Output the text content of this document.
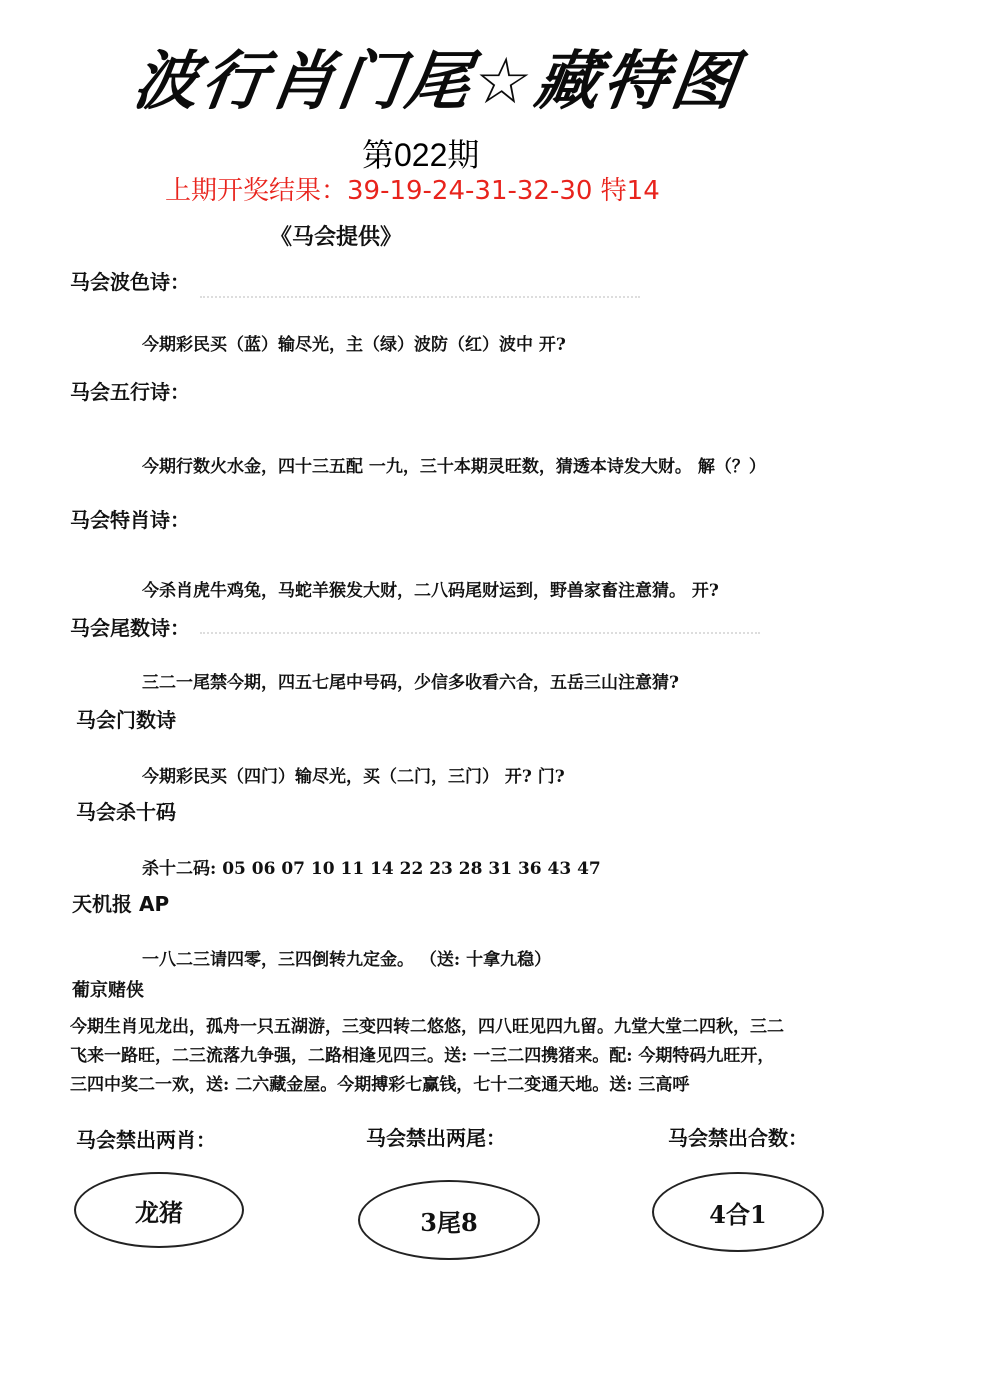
波行肖门尾☆藏特图
第022期
上期开奖结果：39-19-24-31-32-30 特14
《马会提供》
马会波色诗：
今期彩民买（蓝）输尽光，主（绿）波防（红）波中 开?
马会五行诗：
今期行数火水金，四十三五配 一九，三十本期灵旺数，猜透本诗发大财。 解（？）
马会特肖诗：
今杀肖虎牛鸡兔，马蛇羊猴发大财，二八码尾财运到，野兽家畜注意猜。 开?
马会尾数诗：
三二一尾禁今期，四五七尾中号码，少信多收看六合，五岳三山注意猜?
马会门数诗
今期彩民买（四门）输尽光，买（二门，三门） 开? 门?
马会杀十码
杀十二码: 05 06 07 10 11 14 22 23 28 31 36 43 47
天机报 AP
一八二三请四零，三四倒转九定金。 （送: 十拿九稳）
葡京赌侠
今期生肖见龙出，孤舟一只五湖游，三变四转二悠悠，四八旺见四九留。九堂大堂二四秋，三二
飞来一路旺，二三流落九争强，二路相逢见四三。送: 一三二四携猪来。配: 今期特码九旺开，
三四中奖二一欢，送: 二六藏金屋。今期搏彩七赢钱，七十二变通天地。送: 三高呼
马会禁出两肖：	马会禁出两尾：	马会禁出合数：
龙猪	3尾8	4合1
